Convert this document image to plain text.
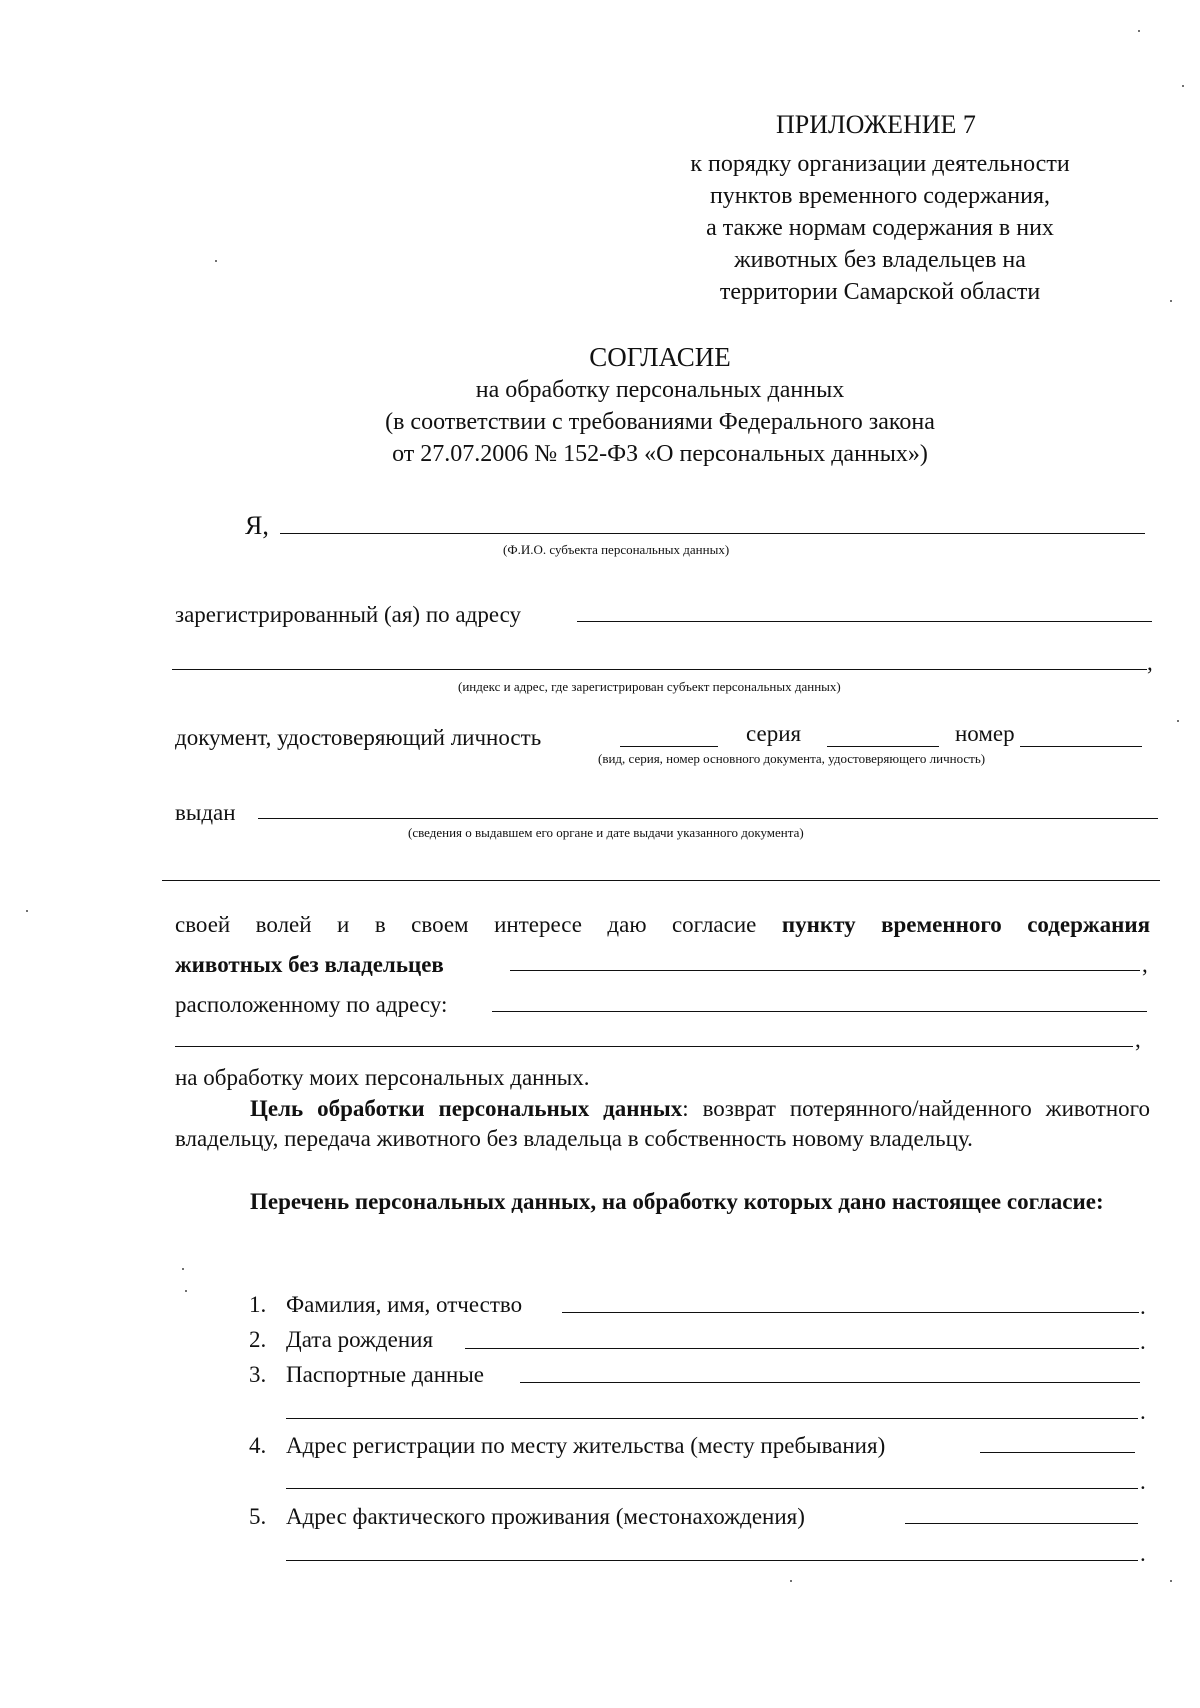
ПРИЛОЖЕНИЕ 7
к порядку организации деятельности
пунктов временного содержания,
а также нормам содержания в них
животных без владельцев на
территории Самарской области
СОГЛАСИЕ
на обработку персональных данных
(в соответствии с требованиями Федерального закона
от 27.07.2006 № 152-ФЗ «О персональных данных»)
Я,
(Ф.И.О. субъекта персональных данных)
зарегистрированный (ая) по адресу
,
(индекс и адрес, где зарегистрирован субъект персональных данных)
документ, удостоверяющий личность	серия	номер
(вид, серия, номер основного документа, удостоверяющего личность)
выдан
(сведения о выдавшем его органе и дате выдачи указанного документа)
своей волей и в своем интересе даю согласие пункту временного содержания
животных без владельцев	,
расположенному по адресу:
,
на обработку моих персональных данных.
Цель обработки персональных данных: возврат потерянного/найденного животного владельцу, передача животного без владельца в собственность новому владельцу.
Перечень персональных данных, на обработку которых дано настоящее согласие:
1. Фамилия, имя, отчество	.
2. Дата рождения	.
3. Паспортные данные
.
4. Адрес регистрации по месту жительства (месту пребывания)
.
5. Адрес фактического проживания (местонахождения)
.
